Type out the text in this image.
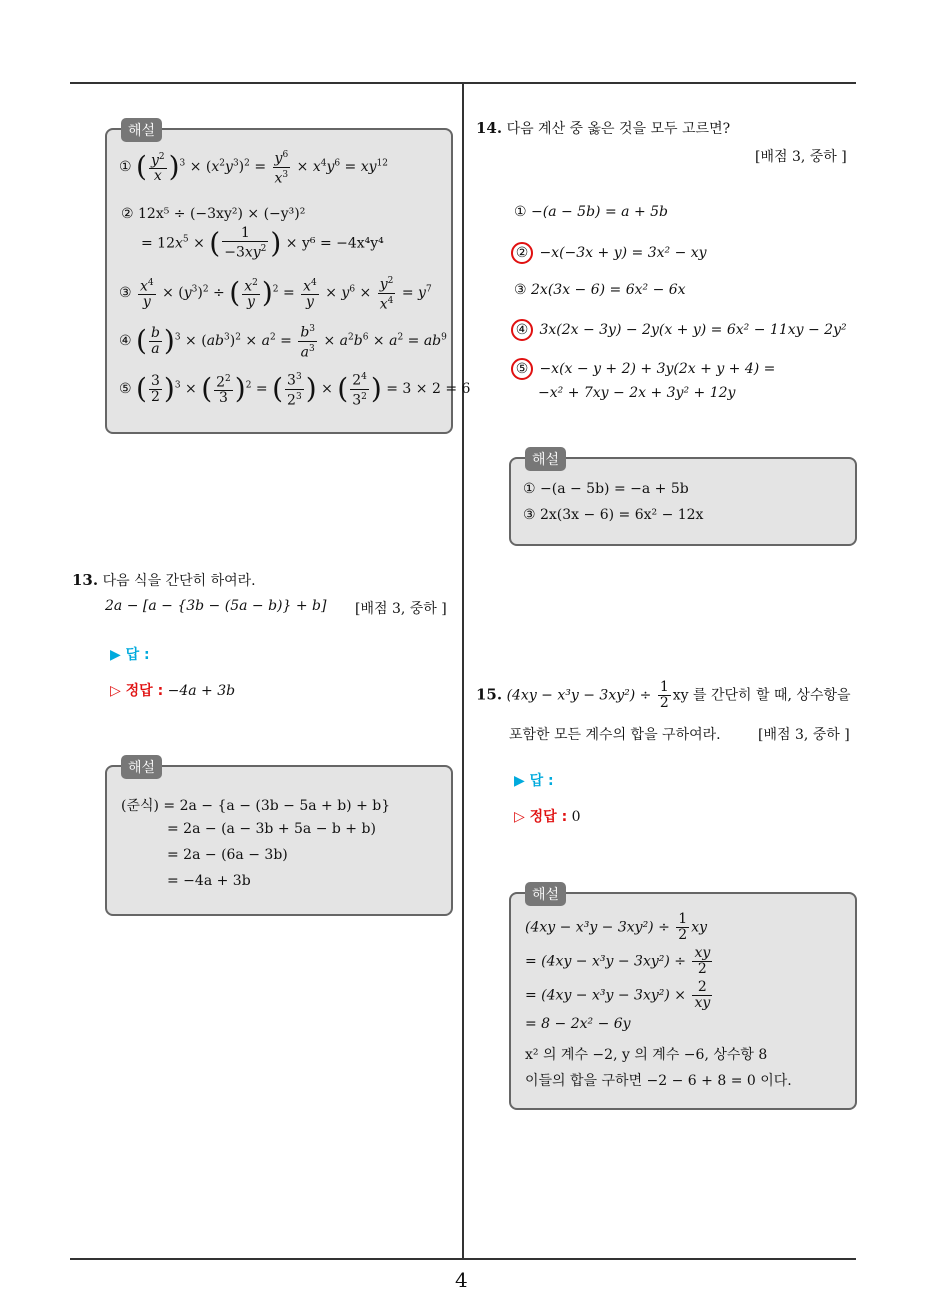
4
해설
① ( $\frac{y^2}{x} )^3 \times (x^2y^3)^2 = \frac{y^6}{x^3} \times x^4y^6 = xy^{12}$
② 12x⁵ ÷ (−3xy²) × (−y³)²
= $12x^5$ × ( $\frac{1}{-3xy^2}$ ) × y⁶ = −4x⁴y⁴
③ $\frac{x^4}{y} \times (y^3)^2$ ÷ ( $\frac{x^2}{y} )^2 = \frac{x^4}{y} \times y^6 \times \frac{y^2}{x^4} = y^7$
④ ( $\frac{b}{a} )^3 \times (ab^3)^2 \times a^2 = \frac{b^3}{a^3} \times a^2b^6 \times a^2 = ab^9$
⑤ ( $\frac{3}{2} )^3$ × ( $\frac{2^2}{3} )^2$ = ( $\frac{3^3}{2^3}$ ) × ( $\frac{2^4}{3^2}$ ) = 3 × 2 = 6
13. 다음 식을 간단히 하여라.
2a − [a − {3b − (5a − b)} + b] [배점 3, 중하 ]
▶ 답 :
▷ 정답 : −4a + 3b
해설
(준식) = 2a − {a − (3b − 5a + b) + b}
= 2a − (a − 3b + 5a − b + b)
= 2a − (6a − 3b)
= −4a + 3b
14. 다음 계산 중 옳은 것을 모두 고르면?
[배점 3, 중하 ]
① −(a − 5b) = a + 5b
② −x(−3x + y) = 3x² − xy
③ 2x(3x − 6) = 6x² − 6x
④ 3x(2x − 3y) − 2y(x + y) = 6x² − 11xy − 2y²
⑤ −x(x − y + 2) + 3y(2x + y + 4) =
−x² + 7xy − 2x + 3y² + 12y
해설
① −(a − 5b) = −a + 5b
③ 2x(3x − 6) = 6x² − 12x
15. $(4xy - x^3y - 3xy^2) \div \frac{1}{2}$ xy 를 간단히 할 때, 상수항을
포함한 모든 계수의 합을 구하여라.	[배점 3, 중하 ]
▶ 답 :
▷ 정답 : 0
해설
$(4xy - x^3y - 3xy^2) \div \frac{1}{2}$ xy
= $(4xy - x^3y - 3xy^2) \div \frac{xy}{2}$
= $(4xy - x^3y - 3xy^2) \times \frac{2}{xy}$
= 8 − 2x² − 6y
x² 의 계수 −2, y 의 계수 −6, 상수항 8
이들의 합을 구하면 −2 − 6 + 8 = 0 이다.
